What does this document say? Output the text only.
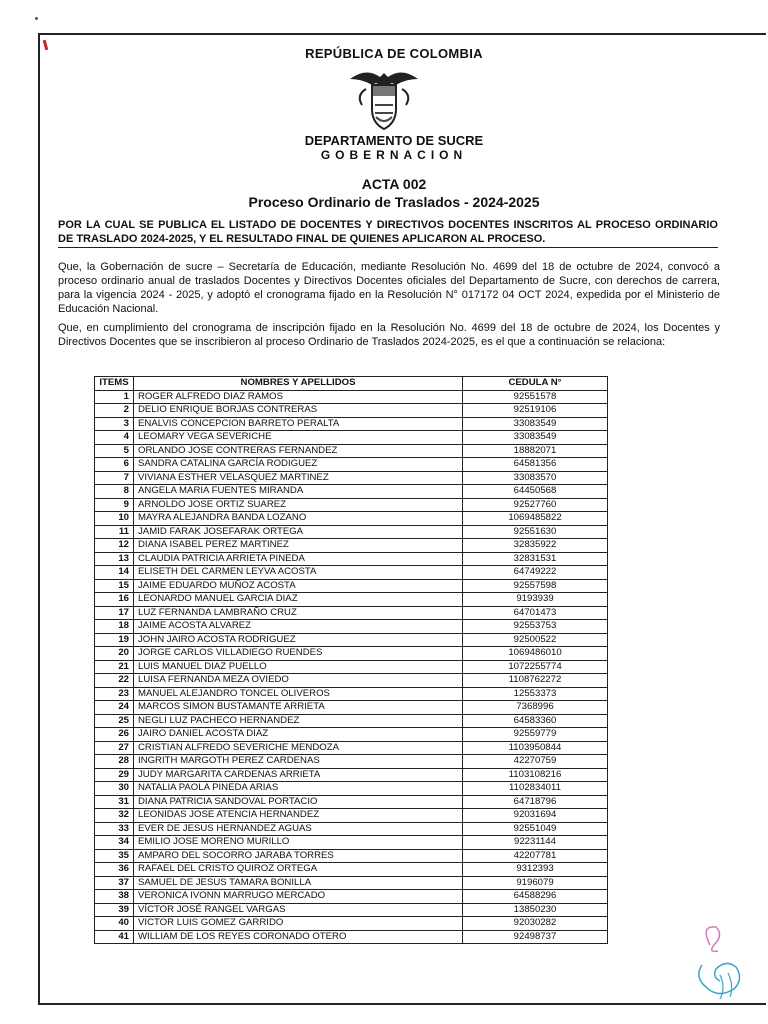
REPÚBLICA DE COLOMBIA
DEPARTAMENTO DE SUCRE
GOBERNACION
ACTA 002
Proceso Ordinario de Traslados - 2024-2025
POR LA CUAL SE PUBLICA EL LISTADO DE DOCENTES Y DIRECTIVOS DOCENTES INSCRITOS AL PROCESO ORDINARIO DE TRASLADO 2024-2025, Y EL RESULTADO FINAL DE QUIENES APLICARON AL PROCESO.
Que, la Gobernación de sucre – Secretaría de Educación, mediante Resolución No. 4699 del 18 de octubre de 2024, convocó a proceso ordinario anual de traslados Docentes y Directivos Docentes oficiales del Departamento de Sucre, con derechos de carrera, para la vigencia 2024 - 2025, y adoptó el cronograma fijado en la Resolución N° 017172 04 OCT 2024, expedida por el Ministerio de Educación Nacional.
Que, en cumplimiento del cronograma de inscripción fijado en la Resolución No. 4699 del 18 de octubre de 2024, los Docentes y Directivos Docentes que se inscribieron al proceso Ordinario de Traslados 2024-2025, es el que a continuación se relaciona:
ITEMS	NOMBRES Y APELLIDOS	CEDULA N°
1	ROGER ALFREDO DIAZ RAMOS	92551578
2	DELIO ENRIQUE BORJAS CONTRERAS	92519106
3	ENALVIS CONCEPCION BARRETO PERALTA	33083549
4	LEOMARY VEGA SEVERICHE	33083549
5	ORLANDO JOSE CONTRERAS FERNANDEZ	18882071
6	SANDRA CATALINA GARCÍA RODIGUEZ	64581356
7	VIVIANA ESTHER VELASQUEZ MARTINEZ	33083570
8	ANGELA MARIA FUENTES MIRANDA	64450568
9	ARNOLDO JOSE ORTIZ SUAREZ	92527760
10	MAYRA ALEJANDRA BANDA LOZANO	1069485822
11	JAMID FARAK JOSEFARAK ORTEGA	92551630
12	DIANA ISABEL PEREZ MARTINEZ	32835922
13	CLAUDIA PATRICIA ARRIETA PINEDA	32831531
14	ELISETH DEL CARMEN LEYVA ACOSTA	64749222
15	JAIME EDUARDO MUÑOZ ACOSTA	92557598
16	LEONARDO MANUEL GARCIA DIAZ	9193939
17	LUZ FERNANDA LAMBRAÑO CRUZ	64701473
18	JAIME ACOSTA ALVAREZ	92553753
19	JOHN JAIRO ACOSTA RODRIGUEZ	92500522
20	JORGE CARLOS VILLADIEGO RUENDES	1069486010
21	LUIS MANUEL DIAZ PUELLO	1072255774
22	LUISA FERNANDA MEZA OVIEDO	1108762272
23	MANUEL ALEJANDRO TONCEL OLIVEROS	12553373
24	MARCOS SIMON BUSTAMANTE ARRIETA	7368996
25	NEGLI LUZ PACHECO HERNANDEZ	64583360
26	JAIRO DANIEL ACOSTA DIAZ	92559779
27	CRISTIAN ALFREDO SEVERICHE MENDOZA	1103950844
28	INGRITH MARGOTH PEREZ CARDENAS	42270759
29	JUDY MARGARITA CARDENAS ARRIETA	1103108216
30	NATALIA PAOLA PINEDA ARIAS	1102834011
31	DIANA PATRICIA SANDOVAL PORTACIO	64718796
32	LEONIDAS JOSE ATENCIA HERNANDEZ	92031694
33	EVER DE JESUS HERNANDEZ AGUAS	92551049
34	EMILIO JOSE MORENO MURILLO	92231144
35	AMPARO DEL SOCORRO JARABA TORRES	42207781
36	RAFAEL DEL CRISTO QUIROZ ORTEGA	9312393
37	SAMUEL DE JESUS TAMARA BONILLA	9196079
38	VERONICA IVONN MARRUGO MERCADO	64588296
39	VÍCTOR JOSÉ RANGEL VARGAS	13850230
40	VICTOR LUIS GOMEZ GARRIDO	92030282
41	WILLIAM DE LOS REYES CORONADO OTERO	92498737
